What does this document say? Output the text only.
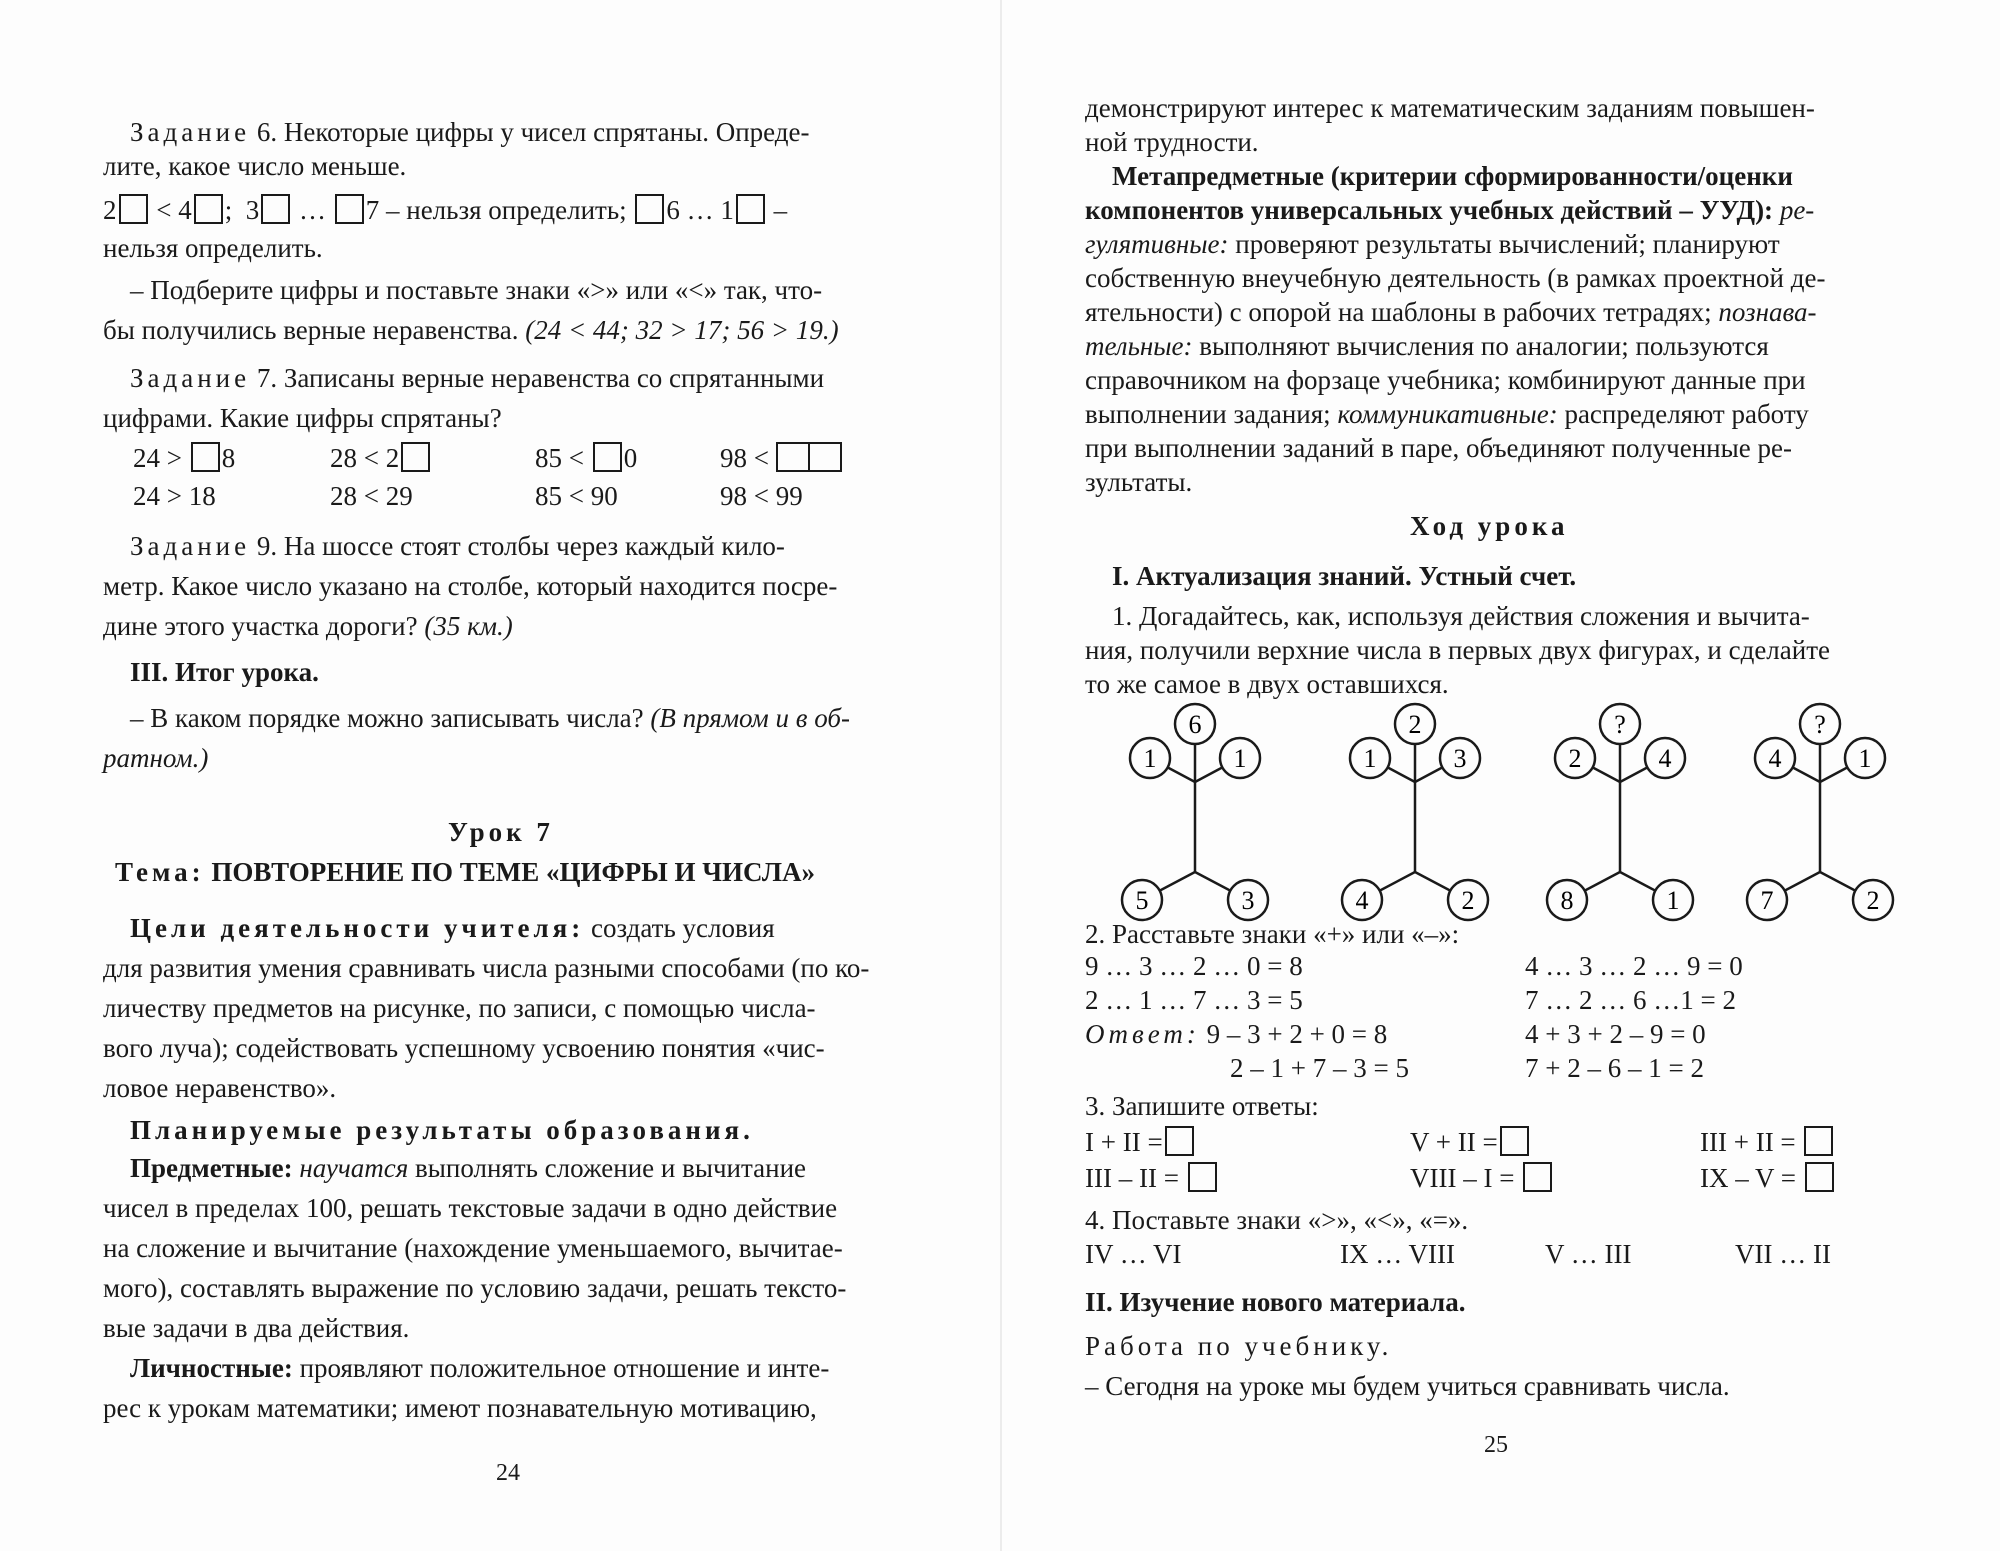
Задание 6. Некоторые цифры у чисел спрятаны. Опреде-
лите, какое число меньше.
2 < 4 ; 3 … 7 – нельзя определить; 6 … 1 –
нельзя определить.
– Подберите цифры и поставьте знаки «>» или «<» так, что-
бы получились верные неравенства. (24 < 44; 32 > 17; 56 > 19.)
Задание 7. Записаны верные неравенства со спрятанными
цифрами. Какие цифры спрятаны?
24 > 8	28 < 2	85 < 0	98 <
24 > 18	28 < 29	85 < 90	98 < 99
Задание 9. На шоссе стоят столбы через каждый кило-
метр. Какое число указано на столбе, который находится посре-
дине этого участка дороги? (35 км.)
III. Итог урока.
– В каком порядке можно записывать числа? (В прямом и в об-
ратном.)
Урок 7
Тема: ПОВТОРЕНИЕ ПО ТЕМЕ «ЦИФРЫ И ЧИСЛА»
Цели деятельности учителя: создать условия
для развития умения сравнивать числа разными способами (по ко-
личеству предметов на рисунке, по записи, с помощью числа-
вого луча); содействовать успешному усвоению понятия «чис-
ловое неравенство».
Планируемые результаты образования.
Предметные: научатся выполнять сложение и вычитание
чисел в пределах 100, решать текстовые задачи в одно действие
на сложение и вычитание (нахождение уменьшаемого, вычитае-
мого), составлять выражение по условию задачи, решать тексто-
вые задачи в два действия.
Личностные: проявляют положительное отношение и инте-
рес к урокам математики; имеют познавательную мотивацию,
24
демонстрируют интерес к математическим заданиям повышен-
ной трудности.
Метапредметные (критерии сформированности/оценки
компонентов универсальных учебных действий – УУД): ре-
гулятивные: проверяют результаты вычислений; планируют
собственную внеучебную деятельность (в рамках проектной де-
ятельности) с опорой на шаблоны в рабочих тетрадях; познава-
тельные: выполняют вычисления по аналогии; пользуются
справочником на форзаце учебника; комбинируют данные при
выполнении задания; коммуникативные: распределяют работу
при выполнении заданий в паре, объединяют полученные ре-
зультаты.
Ход урока
I. Актуализация знаний. Устный счет.
1. Догадайтесь, как, используя действия сложения и вычита-
ния, получили верхние числа в первых двух фигурах, и сделайте
то же самое в двух оставшихся.
6
1	1
5	3
2
1	3
4	2
?
2	4
8	1
?
4	1
7	2
2. Расставьте знаки «+» или «–»:
9 … 3 … 2 … 0 = 8	4 … 3 … 2 … 9 = 0
2 … 1 … 7 … 3 = 5	7 … 2 … 6 …1 = 2
Ответ: 9 – 3 + 2 + 0 = 8	4 + 3 + 2 – 9 = 0
2 – 1 + 7 – 3 = 5	7 + 2 – 6 – 1 = 2
3. Запишите ответы:
I + II =	V + II =	III + II =
III – II =	VIII – I =	IX – V =
4. Поставьте знаки «>», «<», «=».
IV … VI	IX … VIII	V … III	VII … II
II. Изучение нового материала.
Работа по учебнику.
– Сегодня на уроке мы будем учиться сравнивать числа.
25
